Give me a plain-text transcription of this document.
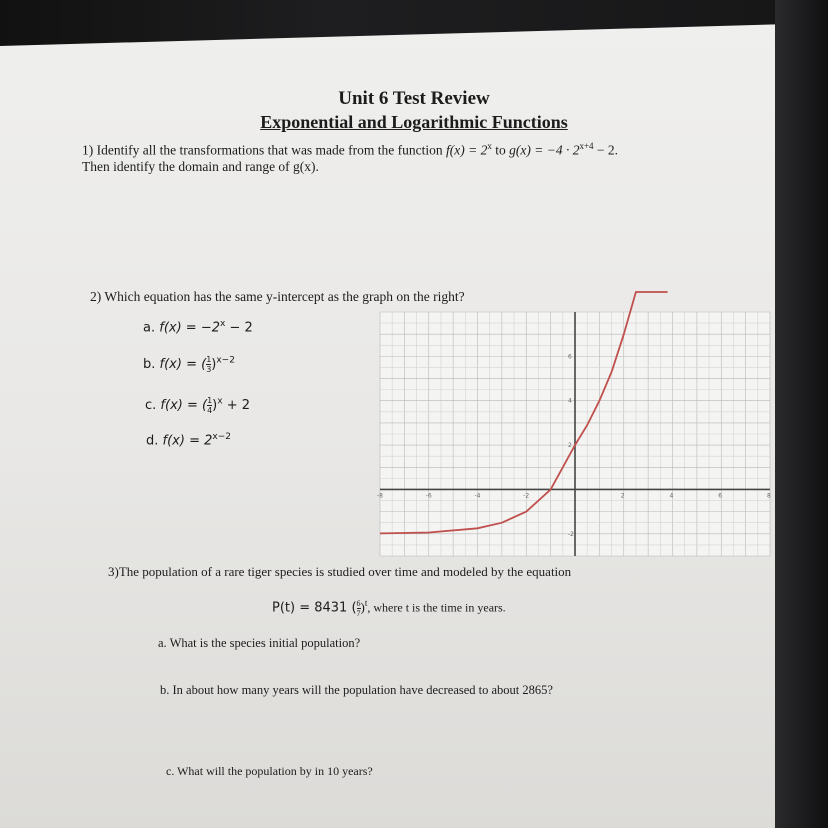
Unit 6 Test Review
Exponential and Logarithmic Functions
1) Identify all the transformations that was made from the function $f(x) = 2^x$ to $g(x) = -4 \cdot 2^{x+4} - 2$.
Then identify the domain and range of g(x).
2) Which equation has the same y-intercept as the graph on the right?
a. $f(x) = -2^x - 2$
b. f(x) = ( $\frac{1}{3} )^{x-2}$
c. f(x) = ( $\frac{1}{4} )^x + 2$
d. $f(x) = 2^{x-2}$
-8	-6	-4	-2	2	4	6	8
-2
2
4
6
3)The population of a rare tiger species is studied over time and modeled by the equation
P(t) = 8431 ( $\frac{6}{7} )^t$, where t is the time in years.
a. What is the species initial population?
b. In about how many years will the population have decreased to about 2865?
c. What will the population by in 10 years?
